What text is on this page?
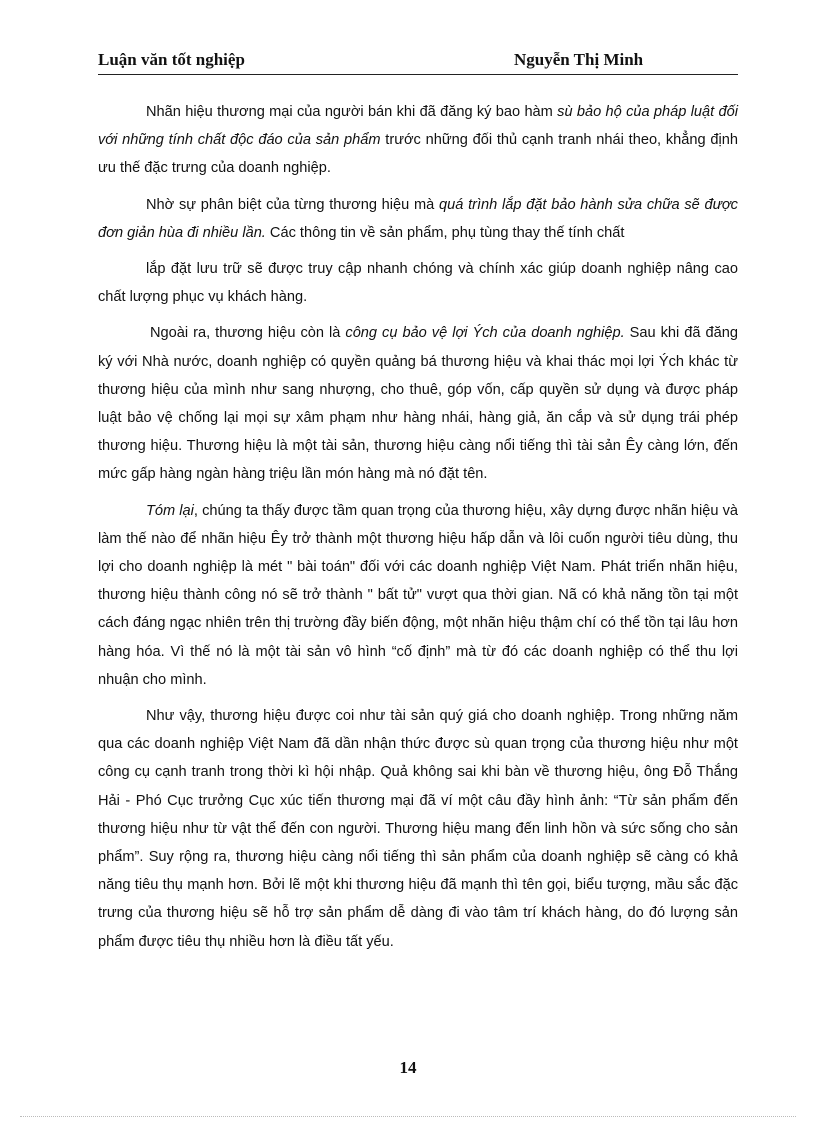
Luận văn tốt nghiệp	Nguyễn Thị Minh

Nhãn hiệu thương mại của người bán khi đã đăng ký bao hàm sù bảo hộ của pháp luật đối với những tính chất độc đáo của sản phẩm trước những đối thủ cạnh tranh nhái theo, khẳng định ưu thế đặc trưng của doanh nghiệp.

Nhờ sự phân biệt của từng thương hiệu mà quá trình lắp đặt bảo hành sửa chữa sẽ được đơn giản hùa đi nhiều lần. Các thông tin về sản phẩm, phụ tùng thay thế tính chất

lắp đặt lưu trữ sẽ được truy cập nhanh chóng và chính xác giúp doanh nghiệp nâng cao chất lượng phục vụ khách hàng.

Ngoài ra, thương hiệu còn là công cụ bảo vệ lợi Ých của doanh nghiệp. Sau khi đã đăng ký với Nhà nước, doanh nghiệp có quyền quảng bá thương hiệu và khai thác mọi lợi Ých khác từ thương hiệu của mình như sang nhượng, cho thuê, góp vốn, cấp quyền sử dụng và được pháp luật bảo vệ chống lại mọi sự xâm phạm như hàng nhái, hàng giả, ăn cắp và sử dụng trái phép thương hiệu. Thương hiệu là một tài sản, thương hiệu càng nổi tiếng thì tài sản Êy càng lớn, đến mức gấp hàng ngàn hàng triệu lần món hàng mà nó đặt tên.

Tóm lại, chúng ta thấy được tầm quan trọng của thương hiệu, xây dựng được nhãn hiệu và làm thế nào để nhãn hiệu Êy trở thành một thương hiệu hấp dẫn và lôi cuốn người tiêu dùng, thu lợi cho doanh nghiệp là mét " bài toán" đối với các doanh nghiệp Việt Nam. Phát triển nhãn hiệu, thương hiệu thành công nó sẽ trở thành " bất tử" vượt qua thời gian. Nã có khả năng tồn tại một cách đáng ngạc nhiên trên thị trường đầy biến động, một nhãn hiệu thậm chí có thể tồn tại lâu hơn hàng hóa. Vì thế nó là một tài sản vô hình “cố định” mà từ đó các doanh nghiệp có thể thu lợi nhuận cho mình.

Như vậy, thương hiệu được coi như tài sản quý giá cho doanh nghiệp. Trong những năm qua các doanh nghiệp Việt Nam đã dần nhận thức được sù quan trọng của thương hiệu như một công cụ cạnh tranh trong thời kì hội nhập. Quả không sai khi bàn về thương hiệu, ông Đỗ Thắng Hải - Phó Cục trưởng Cục xúc tiến thương mại đã ví một câu đầy hình ảnh: “Từ sản phẩm đến thương hiệu như từ vật thể đến con người. Thương hiệu mang đến linh hồn và sức sống cho sản phẩm”. Suy rộng ra, thương hiệu càng nổi tiếng thì sản phẩm của doanh nghiệp sẽ càng có khả năng tiêu thụ mạnh hơn. Bởi lẽ một khi thương hiệu đã mạnh thì tên gọi, biểu tượng, mầu sắc đặc trưng của thương hiệu sẽ hỗ trợ sản phẩm dễ dàng đi vào tâm trí khách hàng, do đó lượng sản phẩm được tiêu thụ nhiều hơn là điều tất yếu.

14
